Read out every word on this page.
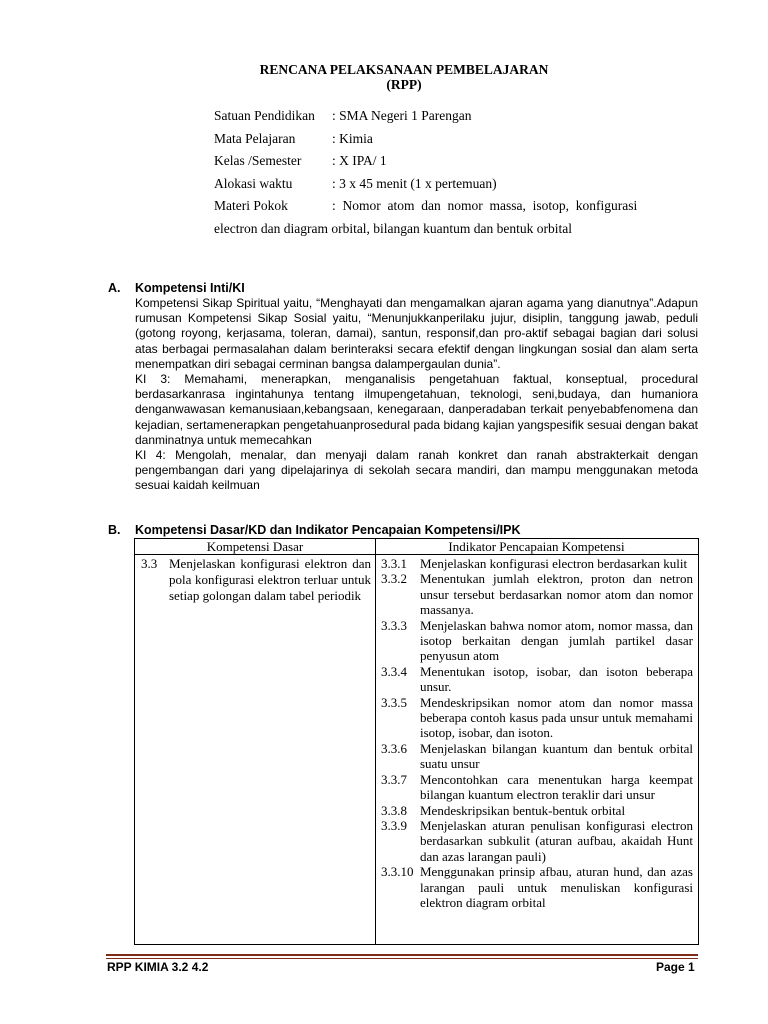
RENCANA PELAKSANAAN PEMBELAJARAN
(RPP)
Satuan Pendidikan : SMA Negeri 1 Parengan
Mata Pelajaran	: Kimia
Kelas /Semester : X IPA/ 1
Alokasi waktu	: 3 x 45 menit (1 x pertemuan)
Materi Pokok	:  Nomor  atom  dan  nomor  massa,  isotop,  konfigurasi
electron dan diagram orbital, bilangan kuantum dan bentuk orbital
A. Kompetensi Inti/KI

Kompetensi Sikap Spiritual yaitu, “Menghayati dan mengamalkan ajaran agama yang dianutnya”.Adapun rumusan Kompetensi Sikap Sosial yaitu, “Menunjukkanperilaku jujur, disiplin, tanggung jawab, peduli (gotong royong, kerjasama, toleran, damai), santun, responsif,dan pro-aktif sebagai bagian dari solusi atas berbagai permasalahan dalam berinteraksi secara efektif dengan lingkungan sosial dan alam serta menempatkan diri sebagai cerminan bangsa dalampergaulan dunia”.

KI 3: Memahami, menerapkan, menganalisis pengetahuan faktual, konseptual, procedural berdasarkanrasa ingintahunya tentang ilmupengetahuan, teknologi, seni,budaya, dan humaniora denganwawasan kemanusiaan,kebangsaan, kenegaraan, danperadaban terkait penyebabfenomena dan kejadian, sertamenerapkan pengetahuanprosedural pada bidang kajian yangspesifik sesuai dengan bakat danminatnya untuk memecahkan

KI 4: Mengolah, menalar, dan menyaji dalam ranah konkret dan ranah abstrakterkait dengan pengembangan dari yang dipelajarinya di sekolah secara mandiri, dan mampu menggunakan metoda sesuai kaidah keilmuan

B. Kompetensi Dasar/KD dan Indikator Pencapaian Kompetensi/IPK
Kompetensi Dasar	Indikator Pencapaian Kompetensi
3.3 Menjelaskan konfigurasi elektron dan pola konfigurasi elektron terluar untuk setiap golongan dalam tabel periodik
3.3.1 Menjelaskan konfigurasi electron berdasarkan kulit
3.3.2 Menentukan jumlah elektron, proton dan netron unsur tersebut berdasarkan nomor atom dan nomor massanya.
3.3.3 Menjelaskan bahwa nomor atom, nomor massa, dan isotop berkaitan dengan jumlah partikel dasar penyusun atom
3.3.4 Menentukan isotop, isobar, dan isoton beberapa unsur.
3.3.5 Mendeskripsikan nomor atom dan nomor massa beberapa contoh kasus pada unsur untuk memahami isotop, isobar, dan isoton.
3.3.6 Menjelaskan bilangan kuantum dan bentuk orbital suatu unsur
3.3.7 Mencontohkan cara menentukan harga keempat bilangan kuantum electron teraklir dari unsur
3.3.8 Mendeskripsikan bentuk-bentuk orbital
3.3.9 Menjelaskan aturan penulisan konfigurasi electron berdasarkan subkulit (aturan aufbau, akaidah Hunt dan azas larangan pauli)
3.3.10 Menggunakan prinsip afbau, aturan hund, dan azas larangan pauli untuk menuliskan konfigurasi elektron diagram orbital
RPP KIMIA 3.2 4.2	Page 1
